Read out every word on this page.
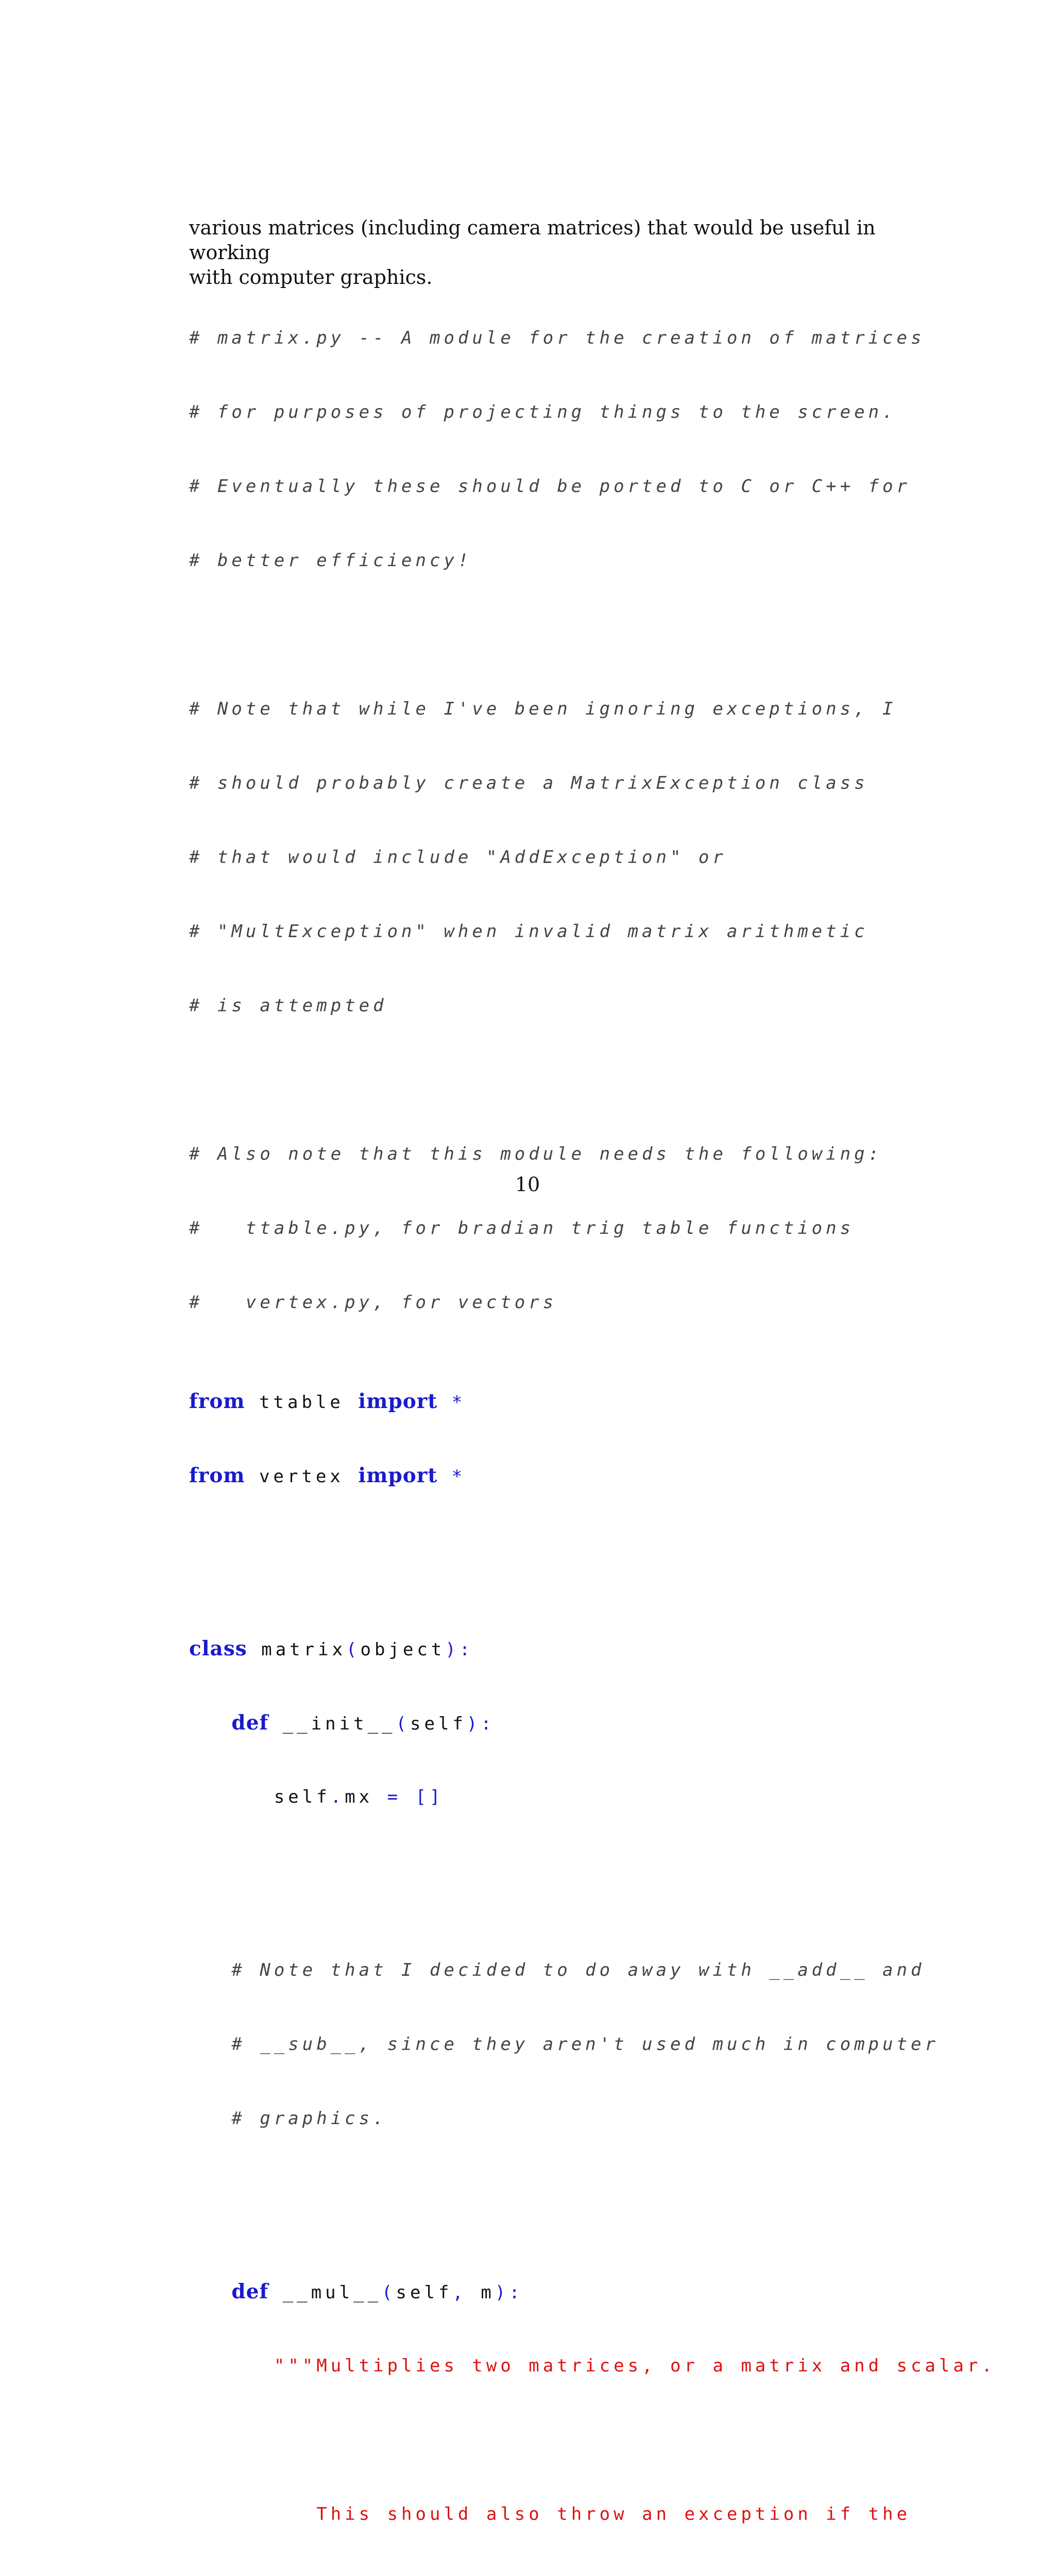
various matrices (including camera matrices) that would be useful in working

with computer graphics.

# matrix.py -- A module for the creation of matrices

# for purposes of projecting things to the screen.

# Eventually these should be ported to C or C++ for

# better efficiency!

# Note that while I've been ignoring exceptions, I

# should probably create a MatrixException class

# that would include "AddException" or

# "MultException" when invalid matrix arithmetic

# is attempted

# Also note that this module needs the following:

#   ttable.py, for bradian trig table functions

#   vertex.py, for vectors

from ttable import *

from vertex import *

class matrix(object):

def __init__(self):

self.mx = []

# Note that I decided to do away with __add__ and

# __sub__, since they aren't used much in computer

# graphics.

def __mul__(self, m):

"""Multiplies two matrices, or a matrix and scalar.

This should also throw an exception if the

10
